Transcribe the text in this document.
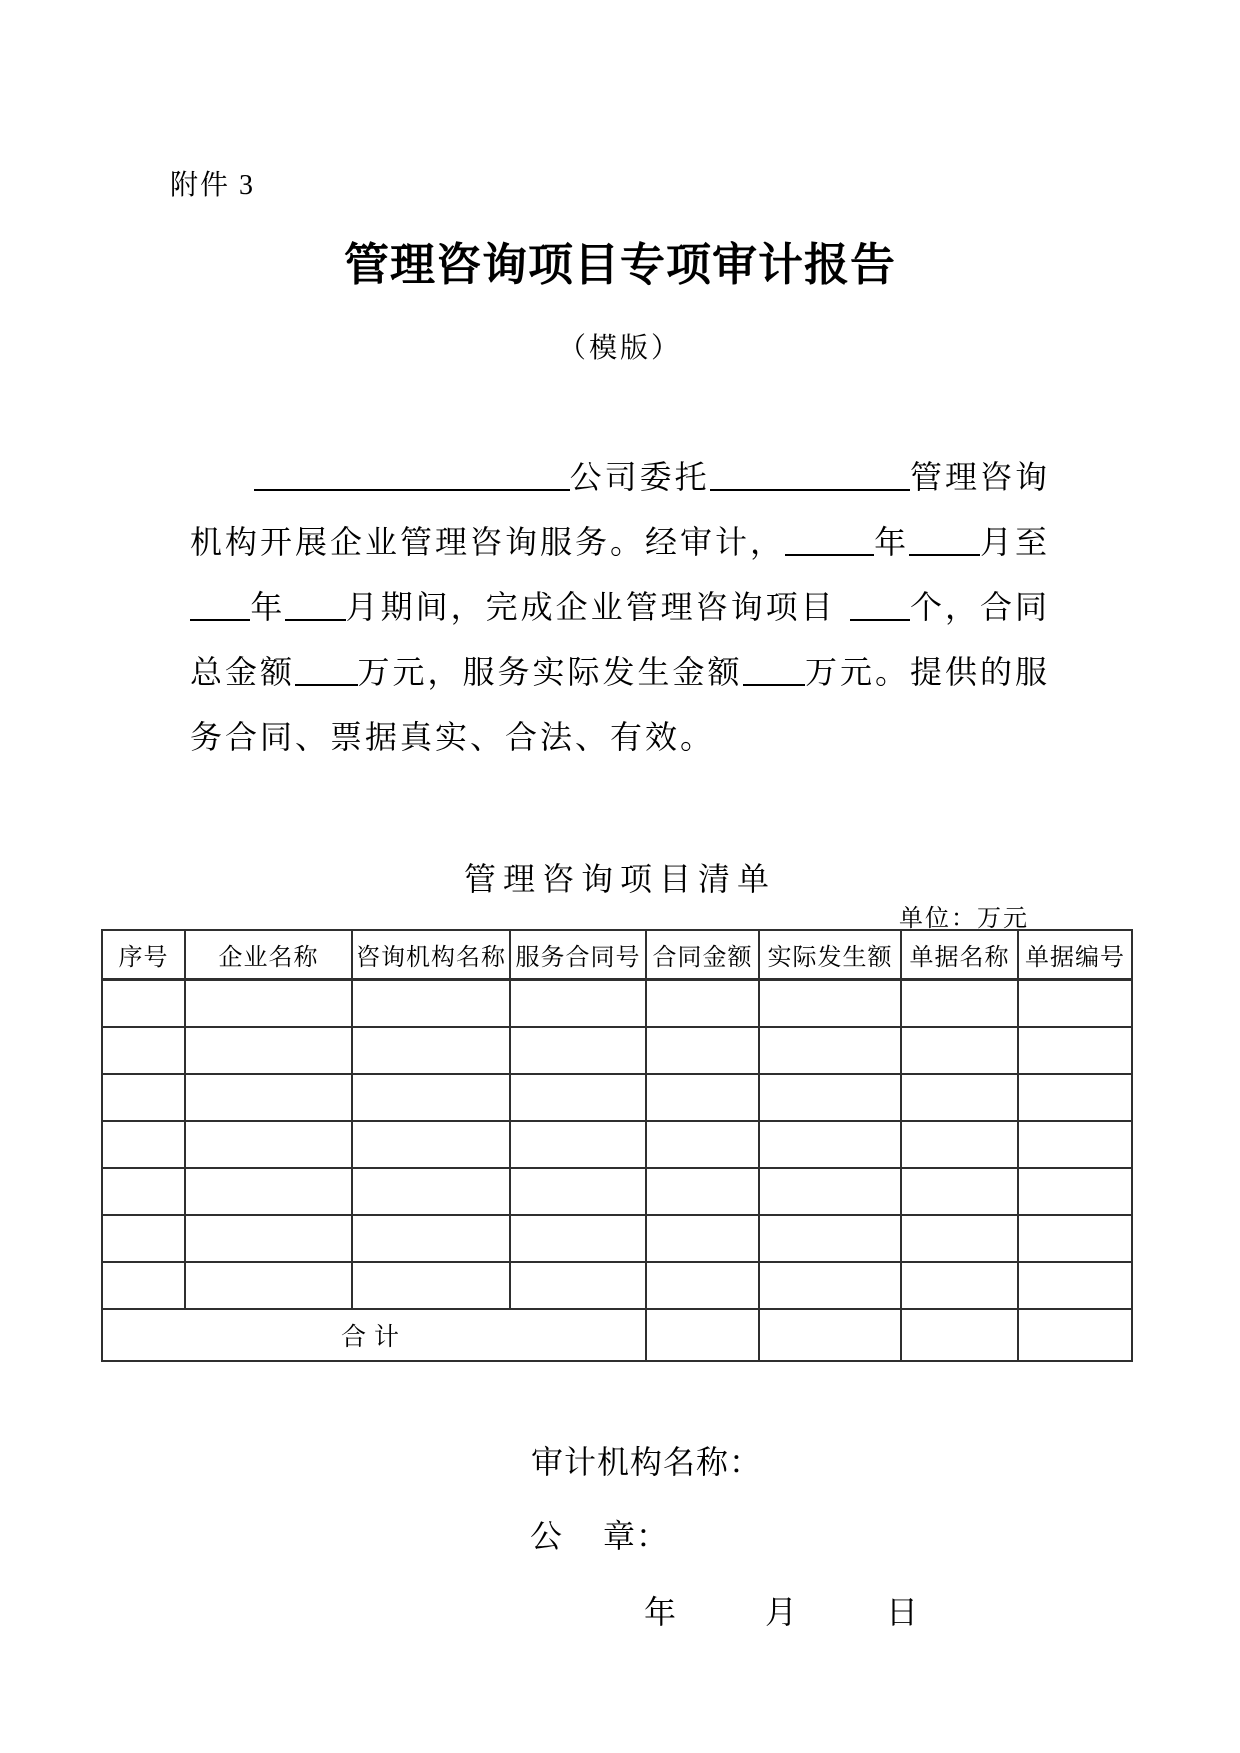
附件 3
管理咨询项目专项审计报告
（模版）
公司委托	管理咨询
机构开展企业管理咨询服务。经审计，	年 月至
年 月期间，完成企业管理咨询项目 个，合同
总金额 万元，服务实际发生金额 万元。提供的服
务合同、票据真实、合法、有效。
管理咨询项目清单
单位：万元
序号	企业名称	咨询机构名称	服务合同号	合同金额	实际发生额	单据名称	单据编号

合计							
审计机构名称：
公 章：
年	月	日
